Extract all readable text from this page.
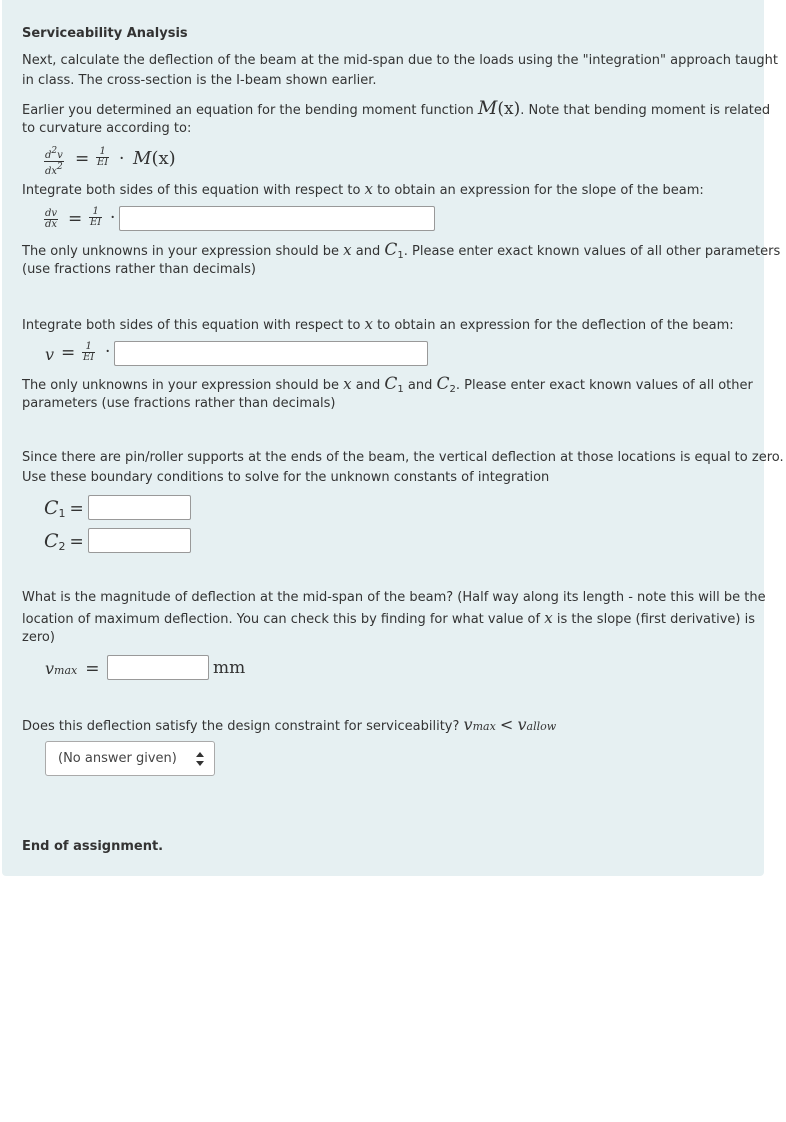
Serviceability Analysis
Next, calculate the deflection of the beam at the mid-span due to the loads using the "integration" approach taught
in class. The cross-section is the I-beam shown earlier.
Earlier you determined an equation for the bending moment function M(x). Note that bending moment is related
to curvature according to:
$\frac{d^2v}{dx^2} = \frac{1}{EI} \cdot M(x)$
Integrate both sides of this equation with respect to x to obtain an expression for the slope of the beam:
$\frac{dv}{dx} = \frac{1}{EI}$ ·
The only unknowns in your expression should be x and $C_1$. Please enter exact known values of all other parameters
(use fractions rather than decimals)
Integrate both sides of this equation with respect to x to obtain an expression for the deflection of the beam:
$v = \frac{1}{EI}$ ·
The only unknowns in your expression should be x and $C_1$ and $C_2$. Please enter exact known values of all other
parameters (use fractions rather than decimals)
Since there are pin/roller supports at the ends of the beam, the vertical deflection at those locations is equal to zero.
Use these boundary conditions to solve for the unknown constants of integration
$C_1$ =
$C_2$ =
What is the magnitude of deflection at the mid-span of the beam? (Half way along its length - note this will be the
location of maximum deflection. You can check this by finding for what value of x is the slope (first derivative) is
zero)
vmax =	mm
Does this deflection satisfy the design constraint for serviceability? vmax < vallow
(No answer given)
End of assignment.
